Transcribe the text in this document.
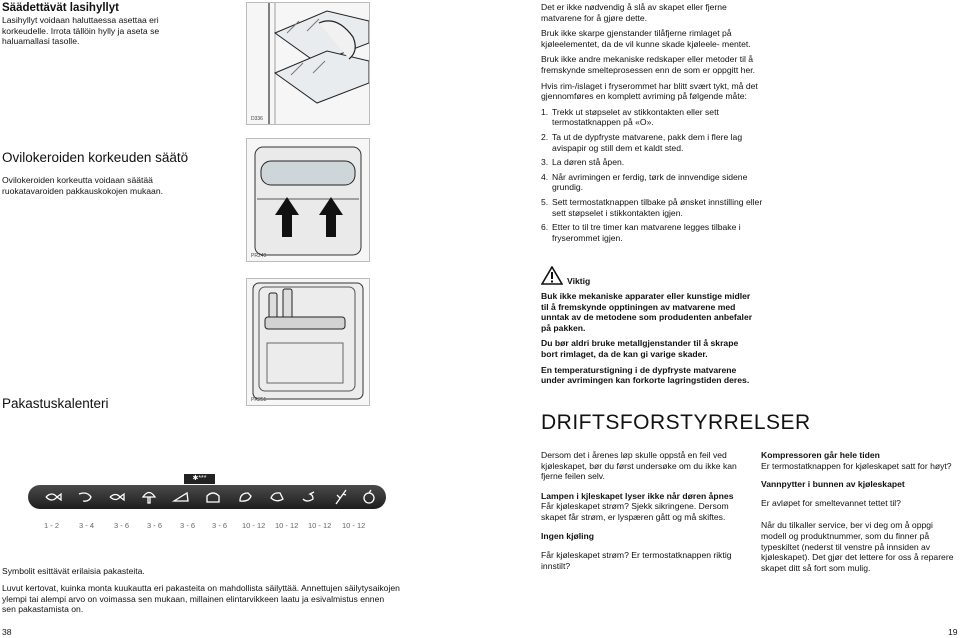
Säädettävät lasihyllyt
Lasihyllyt voidaan haluttaessa asettaa eri korkeudelle. Irrota tällöin hylly ja aseta se haluamallasi tasolle.
Ovilokeroiden korkeuden säätö
Ovilokeroiden korkeutta voidaan säätää ruokatavaroiden pakkauskokojen mukaan.
Pakastuskalenteri
D336
PR249
PR251
✱***
1 - 2	3 - 4	3 - 6 3 - 6 3 - 6 3 - 6 10 - 12 10 - 12 10 - 12 10 - 12
Symbolit esittävät erilaisia pakasteita.
Luvut kertovat, kuinka monta kuukautta eri pakasteita on mahdollista säilyttää. Annettujen säilytysaikojen ylempi tai alempi arvo on voimassa sen mukaan, millainen elintarvikkeen laatu ja esivalmistus ennen sen pakastamista on.
38

Det er ikke nødvendig å slå av skapet eller fjerne matvarene for å gjøre dette.

Bruk ikke skarpe gjenstander tilåfjerne rimlaget på kjøleelementet, da de vil kunne skade kjøleele- mentet.

Bruk ikke andre mekaniske redskaper eller metoder til å fremskynde smelteprosessen enn de som er oppgitt her.

Hvis rim-/islaget i fryserommet har blitt svært tykt, må det gjennomføres en komplett avriming på følgende måte:

1. Trekk ut støpselet av stikkontakten eller sett termostatknappen på «O».
2. Ta ut de dypfryste matvarene, pakk dem i flere lag avispapir og still dem et kaldt sted.
3. La døren stå åpen.
4. Når avrimingen er ferdig, tørk de innvendige sidene grundig.
5. Sett termostatknappen tilbake på ønsket innstilling eller sett støpselet i stikkontakten igjen.
6. Etter to til tre timer kan matvarene legges tilbake i fryserommet igjen.
Viktig

Buk ikke mekaniske apparater eller kunstige midler til å fremskynde opptiningen av matvarene med unntak av de metodene som produdenten anbefaler på pakken.

Du bør aldri bruke metallgjenstander til å skrape bort rimlaget, da de kan gi varige skader.

En temperaturstigning i de dypfryste matvarene under avrimingen kan forkorte lagringstiden deres.

DRIFTSFORSTYRRELSER

Dersom det i årenes løp skulle oppstå en feil ved kjøleskapet, bør du først undersøke om du ikke kan fjerne feilen selv.

Lampen i kjleskapet lyser ikke når døren åpnes

Får kjøleskapet strøm? Sjekk sikringene. Dersom skapet får strøm, er lyspæren gått og må skiftes.

Ingen kjøling

Får kjøleskapet strøm? Er termostatknappen riktig innstilt?

Kompressoren går hele tiden

Er termostatknappen for kjøleskapet satt for høyt?

Vannpytter i bunnen av kjøleskapet

Er avløpet for smeltevannet tettet til?

Når du tilkaller service, ber vi deg om å oppgi modell og produktnummer, som du finner på typeskiltet (nederst til venstre på innsiden av kjøleskapet). Det gjør det lettere for oss å reparere skapet ditt så fort som mulig.

19
